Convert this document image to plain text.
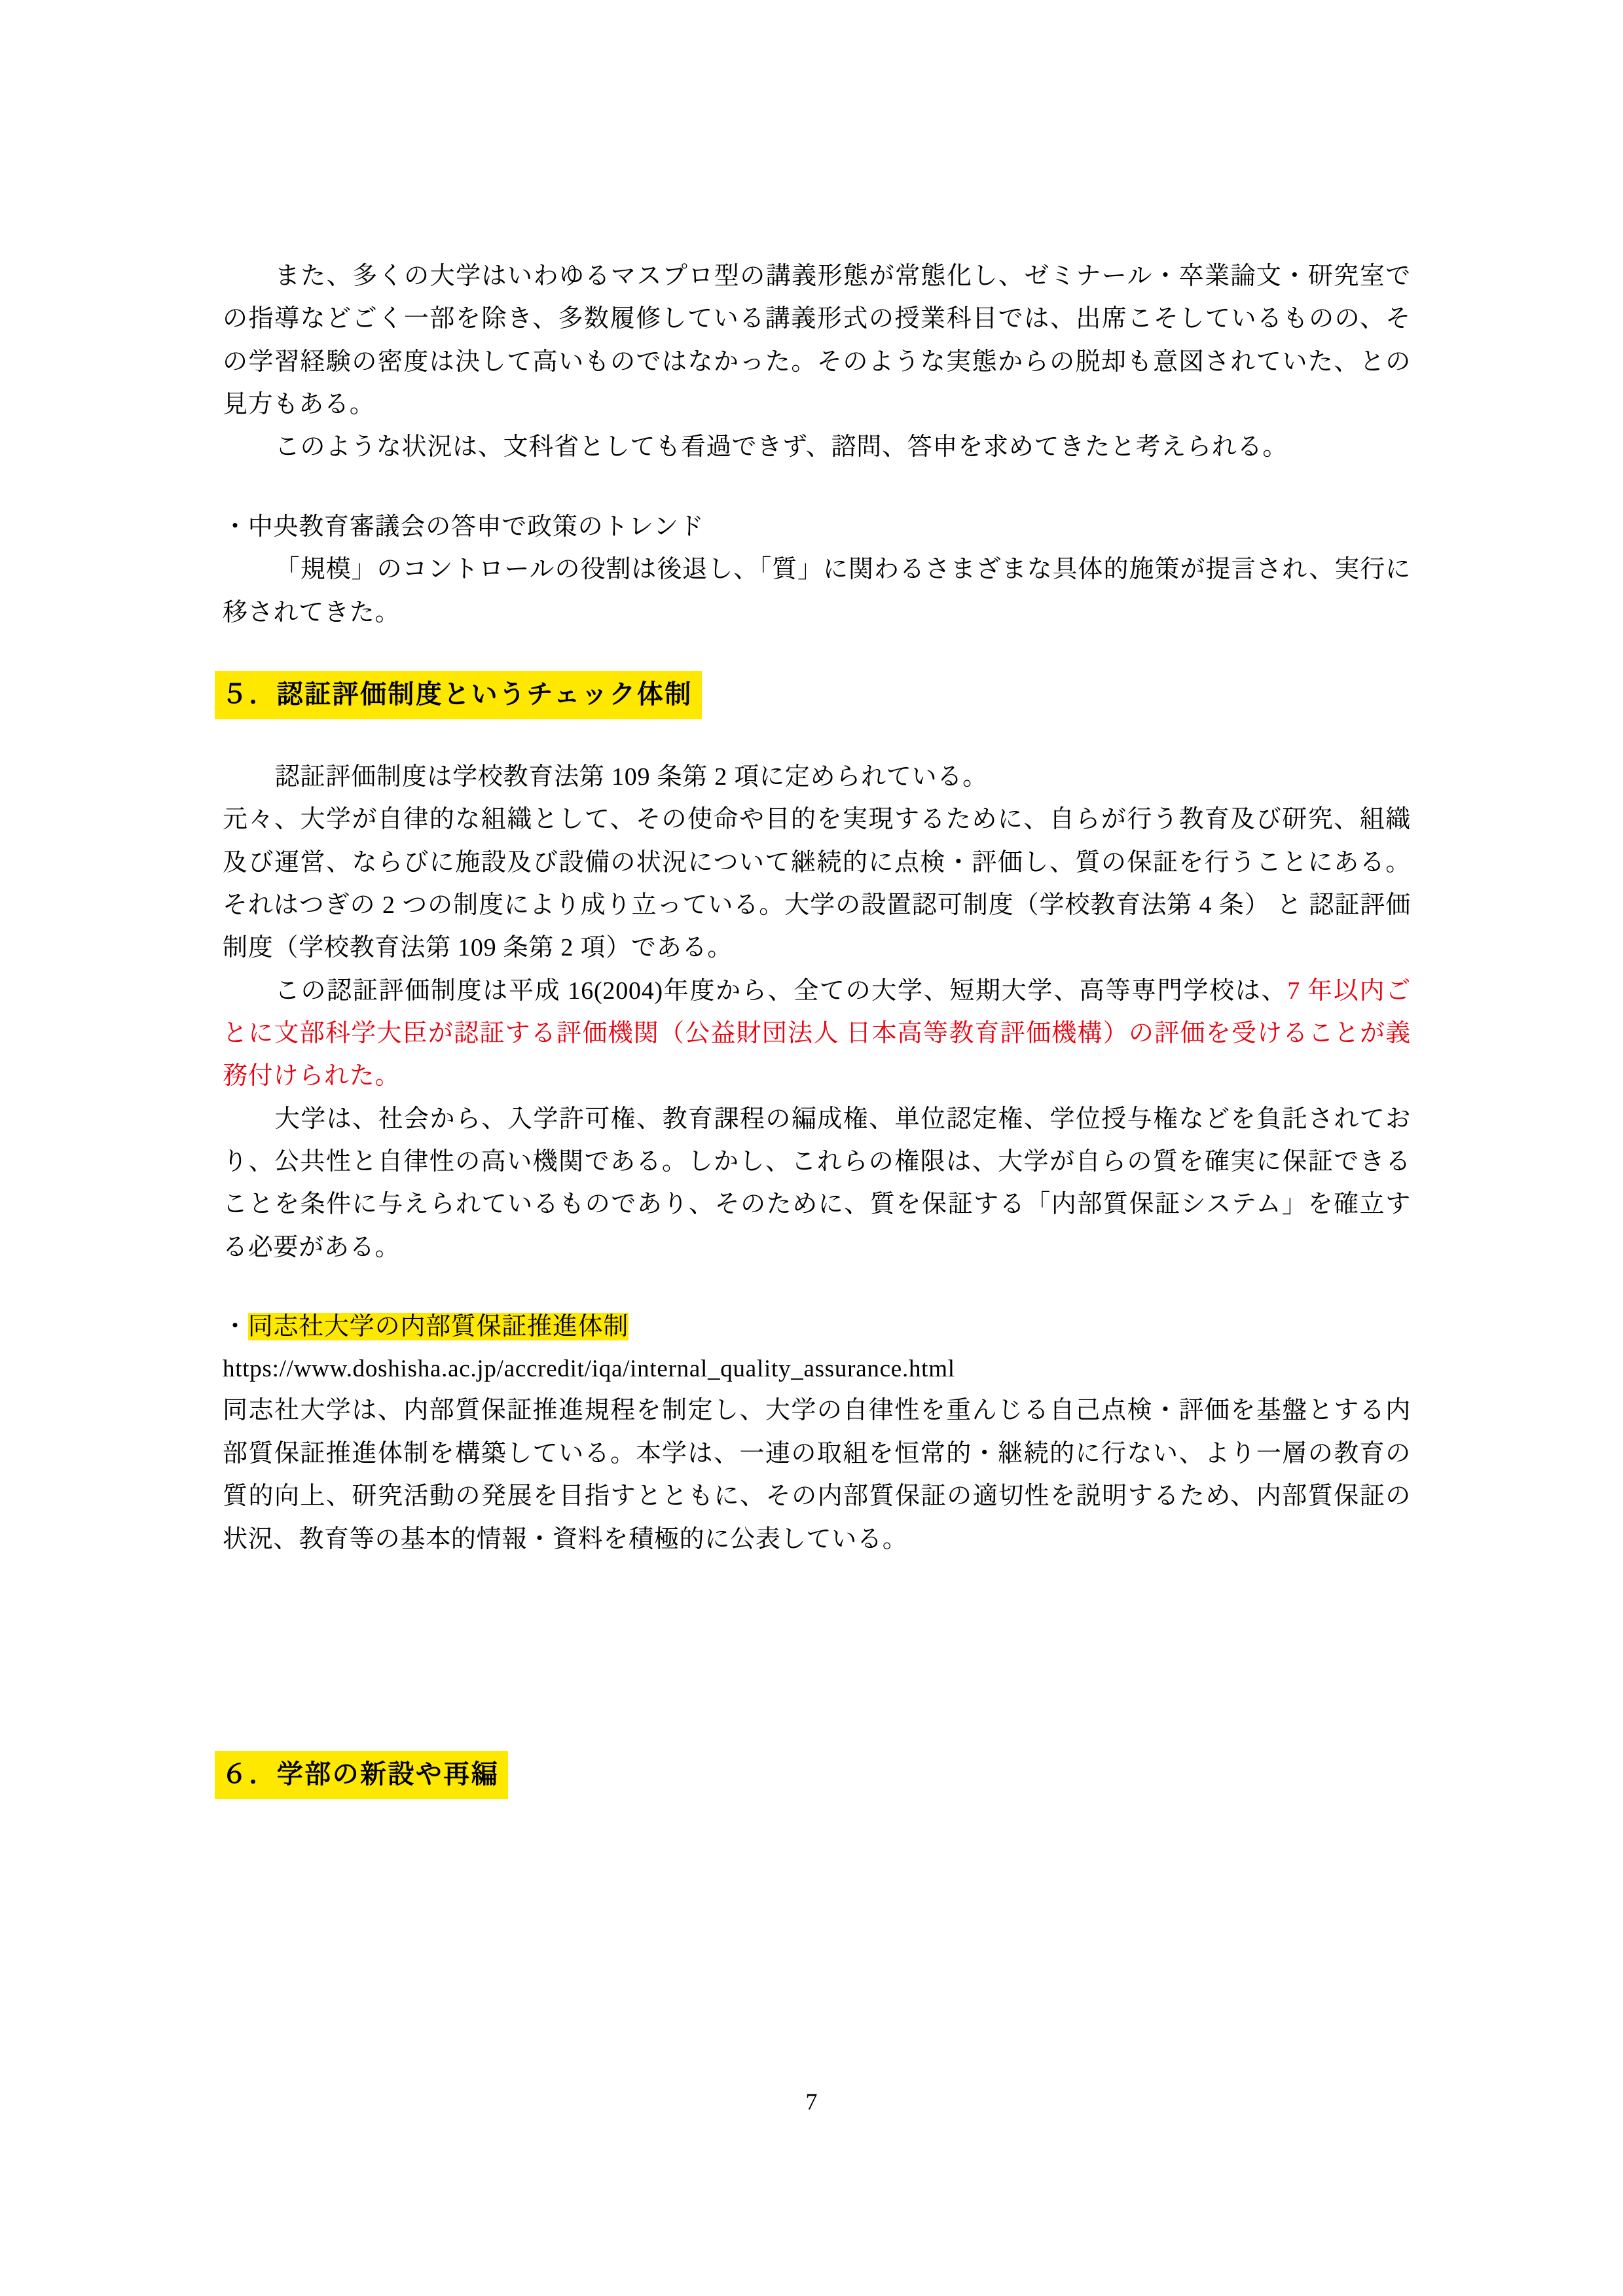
また、多くの大学はいわゆるマスプロ型の講義形態が常態化し、ゼミナール・卒業論文・研究室での指導などごく一部を除き、多数履修している講義形式の授業科目では、出席こそしているものの、その学習経験の密度は決して高いものではなかった。そのような実態からの脱却も意図されていた、との見方もある。

このような状況は、文科省としても看過できず、諮問、答申を求めてきたと考えられる。

・中央教育審議会の答申で政策のトレンド

「規模」のコントロールの役割は後退し、「質」に関わるさまざまな具体的施策が提言され、実行に移されてきた。

５．認証評価制度というチェック体制

認証評価制度は学校教育法第 109 条第 2 項に定められている。

元々、大学が自律的な組織として、その使命や目的を実現するために、自らが行う教育及び研究、組織及び運営、ならびに施設及び設備の状況について継続的に点検・評価し、質の保証を行うことにある。それはつぎの 2 つの制度により成り立っている。大学の設置認可制度（学校教育法第 4 条） と 認証評価制度（学校教育法第 109 条第 2 項）である。

この認証評価制度は平成 16(2004)年度から、全ての大学、短期大学、高等専門学校は、7 年以内ごとに文部科学大臣が認証する評価機関（公益財団法人 日本高等教育評価機構）の評価を受けることが義務付けられた。

大学は、社会から、入学許可権、教育課程の編成権、単位認定権、学位授与権などを負託されており、公共性と自律性の高い機関である。しかし、これらの権限は、大学が自らの質を確実に保証できることを条件に与えられているものであり、そのために、質を保証する「内部質保証システム」を確立する必要がある。

・同志社大学の内部質保証推進体制

https://www.doshisha.ac.jp/accredit/iqa/internal_quality_assurance.html

同志社大学は、内部質保証推進規程を制定し、大学の自律性を重んじる自己点検・評価を基盤とする内部質保証推進体制を構築している。本学は、一連の取組を恒常的・継続的に行ない、より一層の教育の質的向上、研究活動の発展を目指すとともに、その内部質保証の適切性を説明するため、内部質保証の状況、教育等の基本的情報・資料を積極的に公表している。

６．学部の新設や再編
7
